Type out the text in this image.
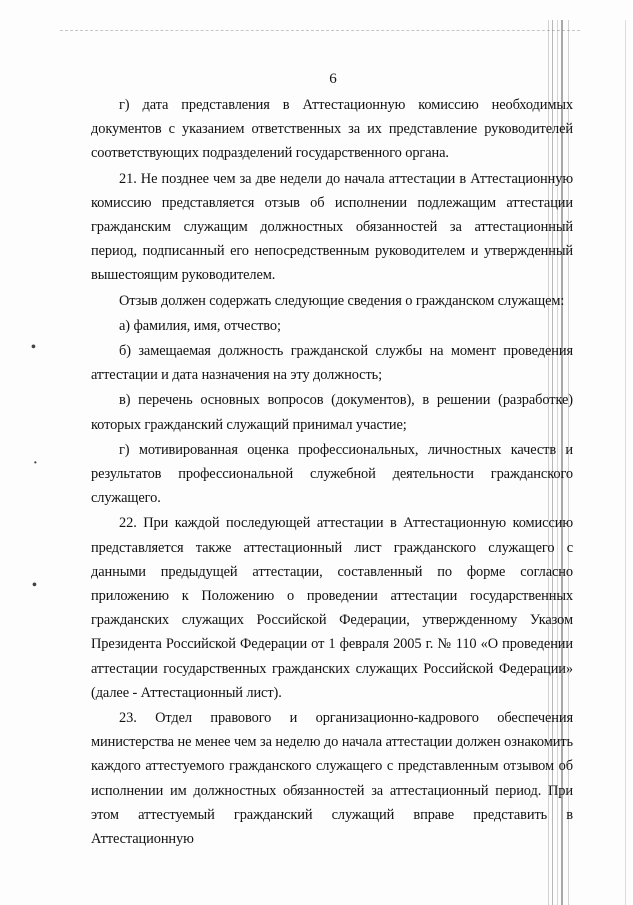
•
·
•
6

г) дата представления в Аттестационную комиссию необходимых документов с указанием ответственных за их представление руководителей соответствующих подразделений государственного органа.

21. Не позднее чем за две недели до начала аттестации в Аттестационную комиссию представляется отзыв об исполнении подлежащим аттестации гражданским служащим должностных обязанностей за аттестационный период, подписанный его непосредственным руководителем и утвержденный вышестоящим руководителем.

Отзыв должен содержать следующие сведения о гражданском служащем:

а) фамилия, имя, отчество;

б) замещаемая должность гражданской службы на момент проведения аттестации и дата назначения на эту должность;

в) перечень основных вопросов (документов), в решении (разработке) которых гражданский служащий принимал участие;

г) мотивированная оценка профессиональных, личностных качеств и результатов профессиональной служебной деятельности гражданского служащего.

22. При каждой последующей аттестации в Аттестационную комиссию представляется также аттестационный лист гражданского служащего с данными предыдущей аттестации, составленный по форме согласно приложению к Положению о проведении аттестации государственных гражданских служащих Российской Федерации, утвержденному Указом Президента Российской Федерации от 1 февраля 2005 г. № 110 «О проведении аттестации государственных гражданских служащих Российской Федерации» (далее - Аттестационный лист).

23. Отдел правового и организационно-кадрового обеспечения министерства не менее чем за неделю до начала аттестации должен ознакомить каждого аттестуемого гражданского служащего с представленным отзывом об исполнении им должностных обязанностей за аттестационный период. При этом аттестуемый гражданский служащий вправе представить в Аттестационную
